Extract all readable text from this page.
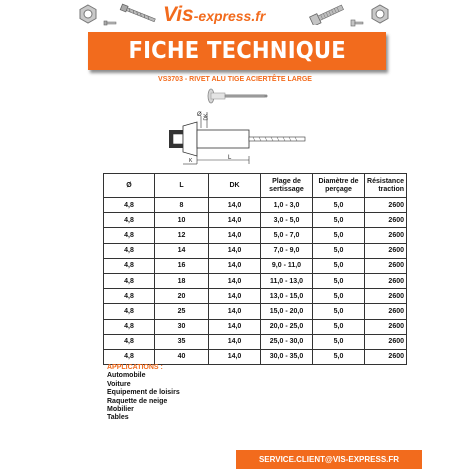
Vis-express.fr
FICHE TECHNIQUE
VS3703 - RIVET ALU TIGE ACIERTÊTE LARGE
L
Ø DK
K
Ø	L	DK	Plage de sertissage	Diamètre de perçage	Résistance traction
4,8	8	14,0	1,0 - 3,0	5,0	2600
4,8	10	14,0	3,0 - 5,0	5,0	2600
4,8	12	14,0	5,0 - 7,0	5,0	2600
4,8	14	14,0	7,0 - 9,0	5,0	2600
4,8	16	14,0	9,0 - 11,0	5,0	2600
4,8	18	14,0	11,0 - 13,0	5,0	2600
4,8	20	14,0	13,0 - 15,0	5,0	2600
4,8	25	14,0	15,0 - 20,0	5,0	2600
4,8	30	14,0	20,0 - 25,0	5,0	2600
4,8	35	14,0	25,0 - 30,0	5,0	2600
4,8	40	14,0	30,0 - 35,0	5,0	2600
APPLICATIONS :
Automobile
Voiture
Equipement de loisirs
Raquette de neige
Mobilier
Tables
SERVICE.CLIENT@VIS-EXPRESS.FR
